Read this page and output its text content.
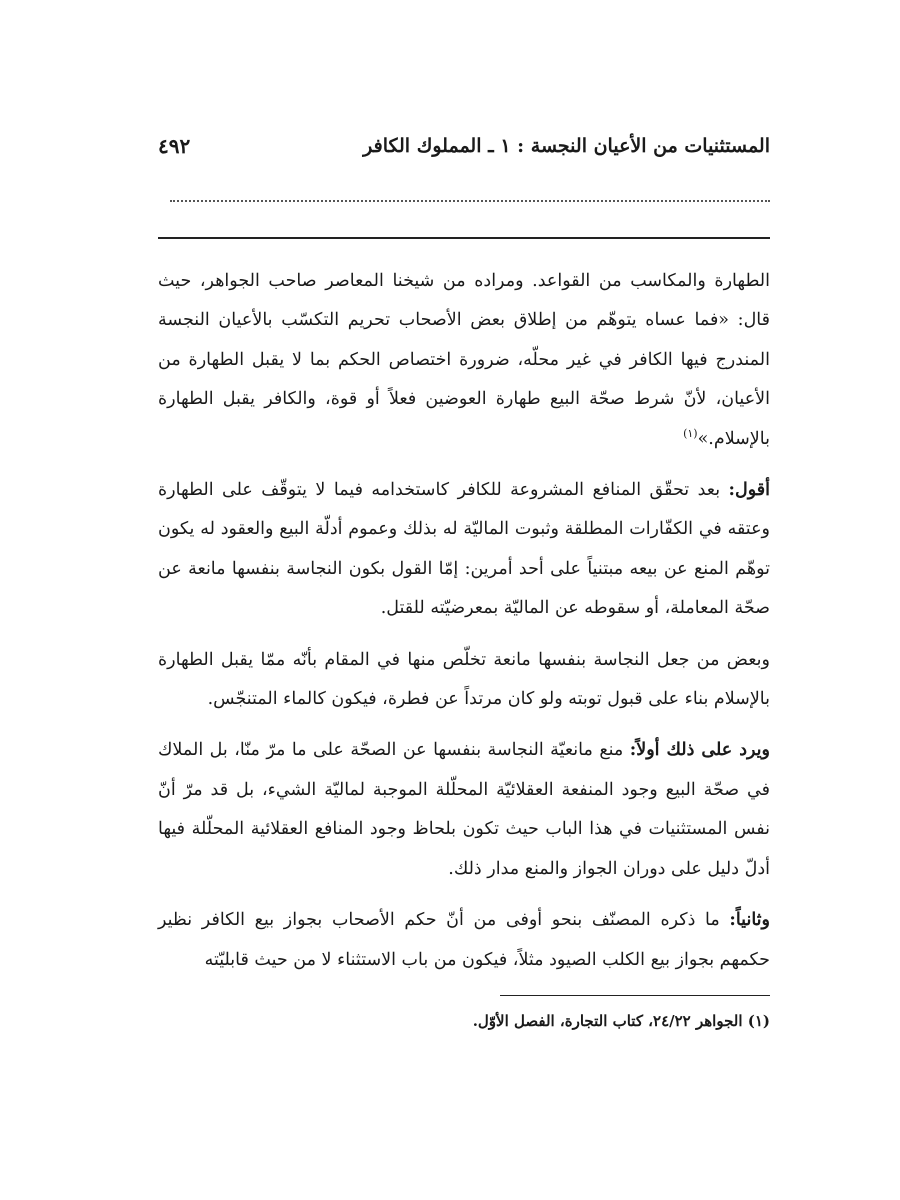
المستثنيات من الأعيان النجسة : ١ ـ المملوك الكافر
٤٩٢

الطهارة والمكاسب من القواعد. ومراده من شيخنا المعاصر صاحب الجواهر، حيث قال: «فما عساه يتوهّم من إطلاق بعض الأصحاب تحريم التكسّب بالأعيان النجسة المندرج فيها الكافر في غير محلّه، ضرورة اختصاص الحكم بما لا يقبل الطهارة من الأعيان، لأنّ شرط صحّة البيع طهارة العوضين فعلاً أو قوة، والكافر يقبل الطهارة بالإسلام.»$^{(١)}$

أقول: بعد تحقّق المنافع المشروعة للكافر كاستخدامه فيما لا يتوقّف على الطهارة وعتقه في الكفّارات المطلقة وثبوت الماليّة له بذلك وعموم أدلّة البيع والعقود له يكون توهّم المنع عن بيعه مبتنياً على أحد أمرين: إمّا القول بكون النجاسة بنفسها مانعة عن صحّة المعاملة، أو سقوطه عن الماليّة بمعرضيّته للقتل.

وبعض من جعل النجاسة بنفسها مانعة تخلّص منها في المقام بأنّه ممّا يقبل الطهارة بالإسلام بناء على قبول توبته ولو كان مرتداً عن فطرة، فيكون كالماء المتنجّس.

ويرد على ذلك أولاً: منع مانعيّة النجاسة بنفسها عن الصحّة على ما مرّ منّا، بل الملاك في صحّة البيع وجود المنفعة العقلائيّة المحلّلة الموجبة لماليّة الشيء، بل قد مرّ أنّ نفس المستثنيات في هذا الباب حيث تكون بلحاظ وجود المنافع العقلائية المحلّلة فيها أدلّ دليل على دوران الجواز والمنع مدار ذلك.

وثانياً: ما ذكره المصنّف بنحو أوفى من أنّ حكم الأصحاب بجواز بيع الكافر نظير حكمهم بجواز بيع الكلب الصيود مثلاً، فيكون من باب الاستثناء لا من حيث قابليّته

(١) الجواهر ٢٤/٢٢، كتاب التجارة، الفصل الأوّل.
